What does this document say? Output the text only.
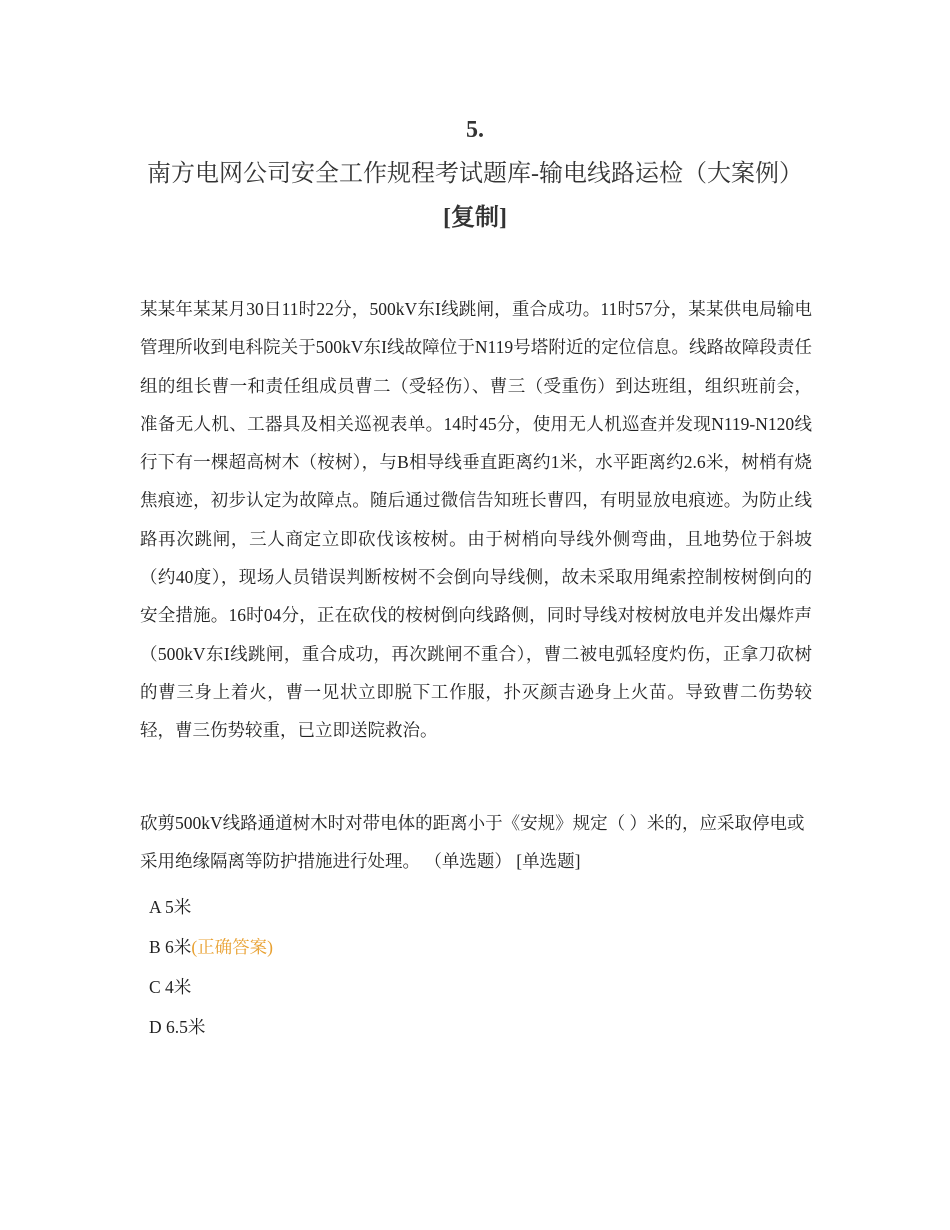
5.南方电网公司安全工作规程考试题库-输电线路运检（大案例）[复制]
某某年某某月30日11时22分，500kV东I线跳闸，重合成功。11时57分，某某供电局输电管理所收到电科院关于500kV东I线故障位于N119号塔附近的定位信息。线路故障段责任组的组长曹一和责任组成员曹二（受轻伤）、曹三（受重伤）到达班组，组织班前会，准备无人机、工器具及相关巡视表单。14时45分，使用无人机巡查并发现N119-N120线行下有一棵超高树木（桉树），与B相导线垂直距离约1米，水平距离约2.6米，树梢有烧焦痕迹，初步认定为故障点。随后通过微信告知班长曹四，有明显放电痕迹。为防止线路再次跳闸，三人商定立即砍伐该桉树。由于树梢向导线外侧弯曲，且地势位于斜坡（约40度），现场人员错误判断桉树不会倒向导线侧，故未采取用绳索控制桉树倒向的安全措施。16时04分，正在砍伐的桉树倒向线路侧，同时导线对桉树放电并发出爆炸声（500kV东I线跳闸，重合成功，再次跳闸不重合），曹二被电弧轻度灼伤，正拿刀砍树的曹三身上着火，曹一见状立即脱下工作服，扑灭颜吉逊身上火苗。导致曹二伤势较轻，曹三伤势较重，已立即送院救治。
砍剪500kV线路通道树木时对带电体的距离小于《安规》规定（ ）米的，应采取停电或采用绝缘隔离等防护措施进行处理。 （单选题） [单选题]
A 5米
B 6米(正确答案)
C 4米
D 6.5米
